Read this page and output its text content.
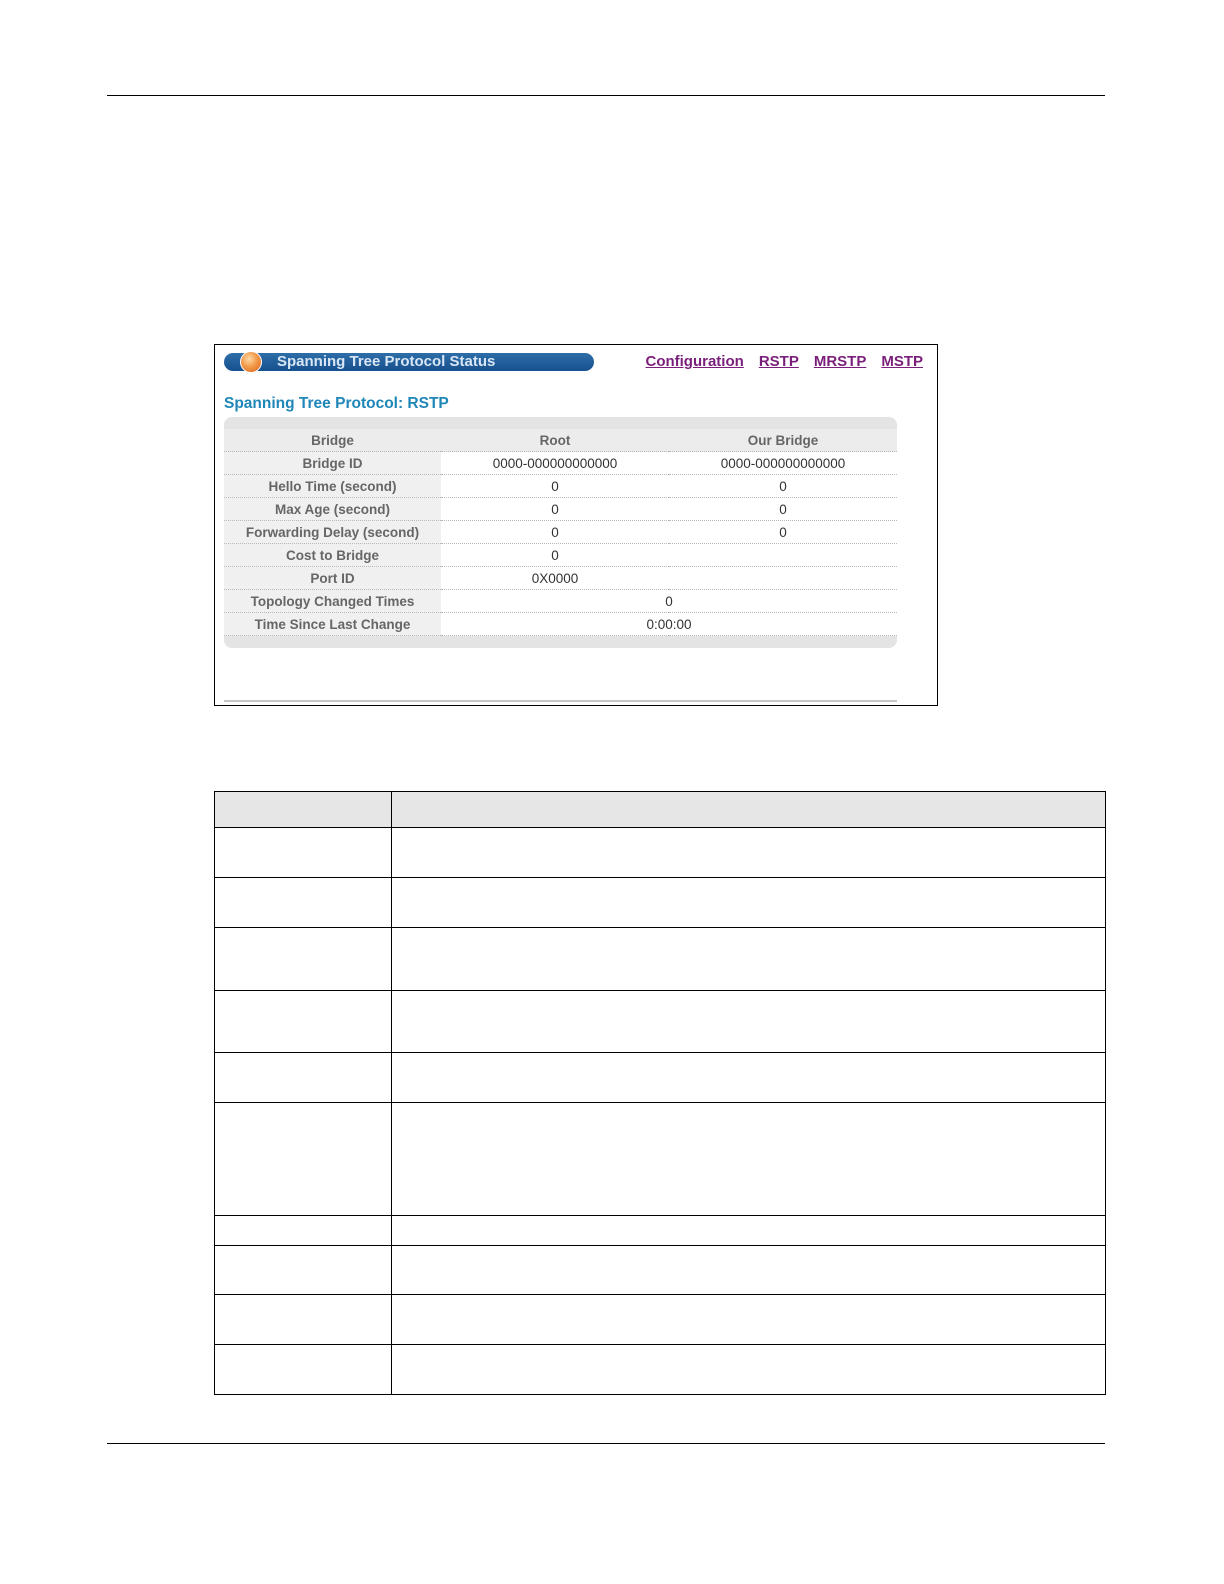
Spanning Tree Protocol Status	Configuration RSTP MRSTP MSTP
Spanning Tree Protocol: RSTP

Bridge	Root	Our Bridge
Bridge ID	0000-000000000000	0000-000000000000
Hello Time (second)	0	0
Max Age (second)	0	0
Forwarding Delay (second)	0	0
Cost to Bridge	0	
Port ID	0X0000	
Topology Changed Times	0	
Time Since Last Change	0:00:00	
